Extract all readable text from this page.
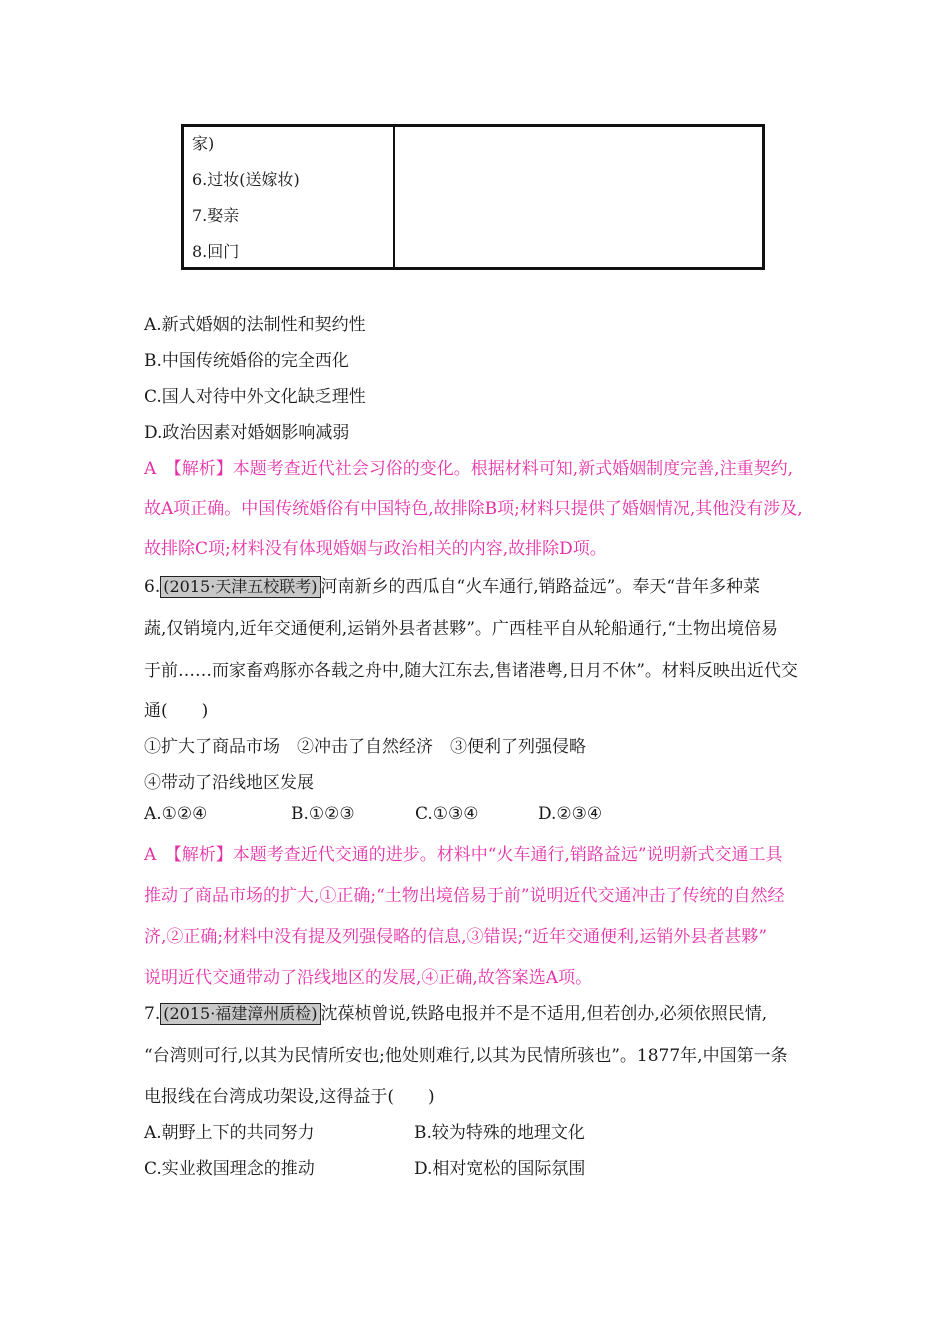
家)
6.过妆(送嫁妆)
7.娶亲
8.回门
A.新式婚姻的法制性和契约性
B.中国传统婚俗的完全西化
C.国人对待中外文化缺乏理性
D.政治因素对婚姻影响减弱
A　【解析】本题考查近代社会习俗的变化。根据材料可知,新式婚姻制度完善,注重契约,
故A项正确。中国传统婚俗有中国特色,故排除B项;材料只提供了婚姻情况,其他没有涉及,
故排除C项;材料没有体现婚姻与政治相关的内容,故排除D项。
6. (2015·天津五校联考) 河南新乡的西瓜自“火车通行,销路益远”。奉天“昔年多种菜
蔬,仅销境内,近年交通便利,运销外县者甚夥”。广西桂平自从轮船通行,“土物出境倍易
于前……而家畜鸡豚亦各载之舟中,随大江东去,售诸港粤,日月不休”。材料反映出近代交
通(　　)
①扩大了商品市场　②冲击了自然经济　③便利了列强侵略
④带动了沿线地区发展
A.①②④	B.①②③	C.①③④	D.②③④
A　【解析】本题考查近代交通的进步。材料中“火车通行,销路益远”说明新式交通工具
推动了商品市场的扩大,①正确;“土物出境倍易于前”说明近代交通冲击了传统的自然经
济,②正确;材料中没有提及列强侵略的信息,③错误;“近年交通便利,运销外县者甚夥”
说明近代交通带动了沿线地区的发展,④正确,故答案选A项。
7. (2015·福建漳州质检) 沈葆桢曾说,铁路电报并不是不适用,但若创办,必须依照民情,
“台湾则可行,以其为民情所安也;他处则难行,以其为民情所骇也”。1877年,中国第一条
电报线在台湾成功架设,这得益于(　　)
A.朝野上下的共同努力	B.较为特殊的地理文化
C.实业救国理念的推动	D.相对宽松的国际氛围
